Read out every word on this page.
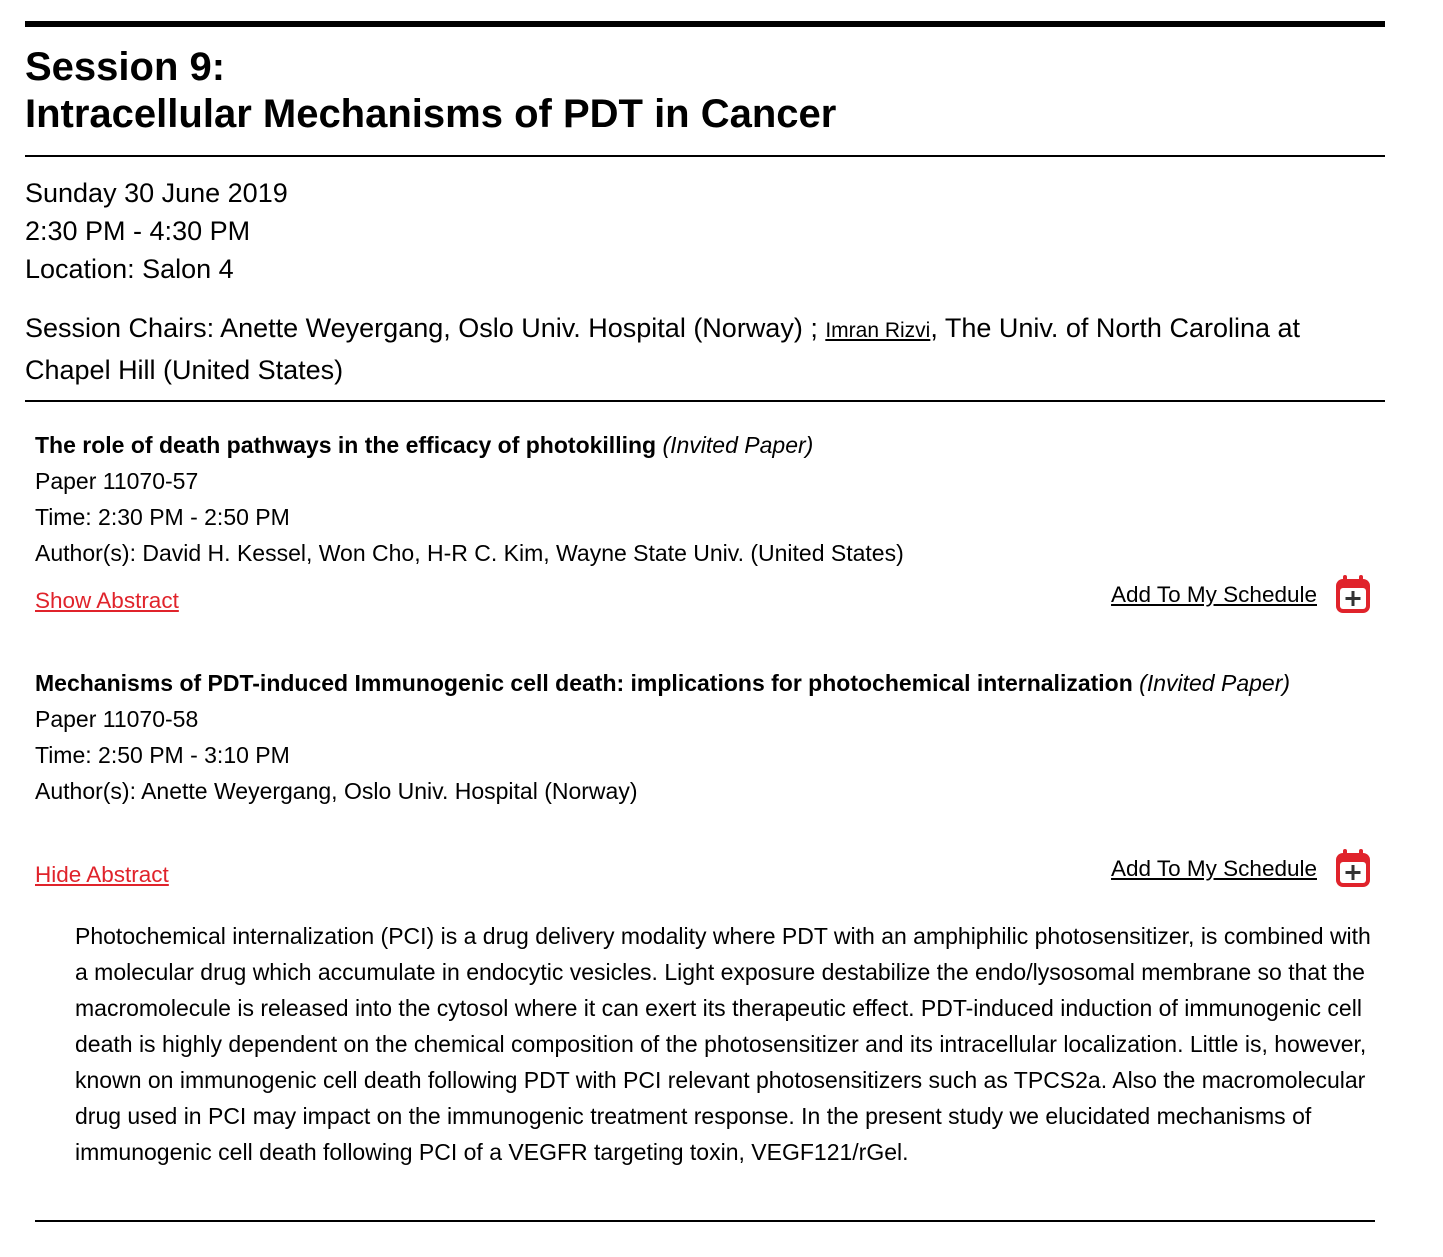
Session 9:
Intracellular Mechanisms of PDT in Cancer
Sunday 30 June 2019
2:30 PM - 4:30 PM
Location: Salon 4
Session Chairs: Anette Weyergang, Oslo Univ. Hospital (Norway) ; Imran Rizvi, The Univ. of North Carolina at Chapel Hill (United States)
The role of death pathways in the efficacy of photokilling (Invited Paper)
Paper 11070-57
Time: 2:30 PM - 2:50 PM
Author(s): David H. Kessel, Won Cho, H-R C. Kim, Wayne State Univ. (United States)
Show Abstract	Add To My Schedule
Mechanisms of PDT-induced Immunogenic cell death: implications for photochemical internalization (Invited Paper)
Paper 11070-58
Time: 2:50 PM - 3:10 PM
Author(s): Anette Weyergang, Oslo Univ. Hospital (Norway)
Hide Abstract	Add To My Schedule
Photochemical internalization (PCI) is a drug delivery modality where PDT with an amphiphilic photosensitizer, is combined with a molecular drug which accumulate in endocytic vesicles. Light exposure destabilize the endo/lysosomal membrane so that the macromolecule is released into the cytosol where it can exert its therapeutic effect. PDT-induced induction of immunogenic cell death is highly dependent on the chemical composition of the photosensitizer and its intracellular localization. Little is, however, known on immunogenic cell death following PDT with PCI relevant photosensitizers such as TPCS2a. Also the macromolecular drug used in PCI may impact on the immunogenic treatment response. In the present study we elucidated mechanisms of immunogenic cell death following PCI of a VEGFR targeting toxin, VEGF121/rGel.
